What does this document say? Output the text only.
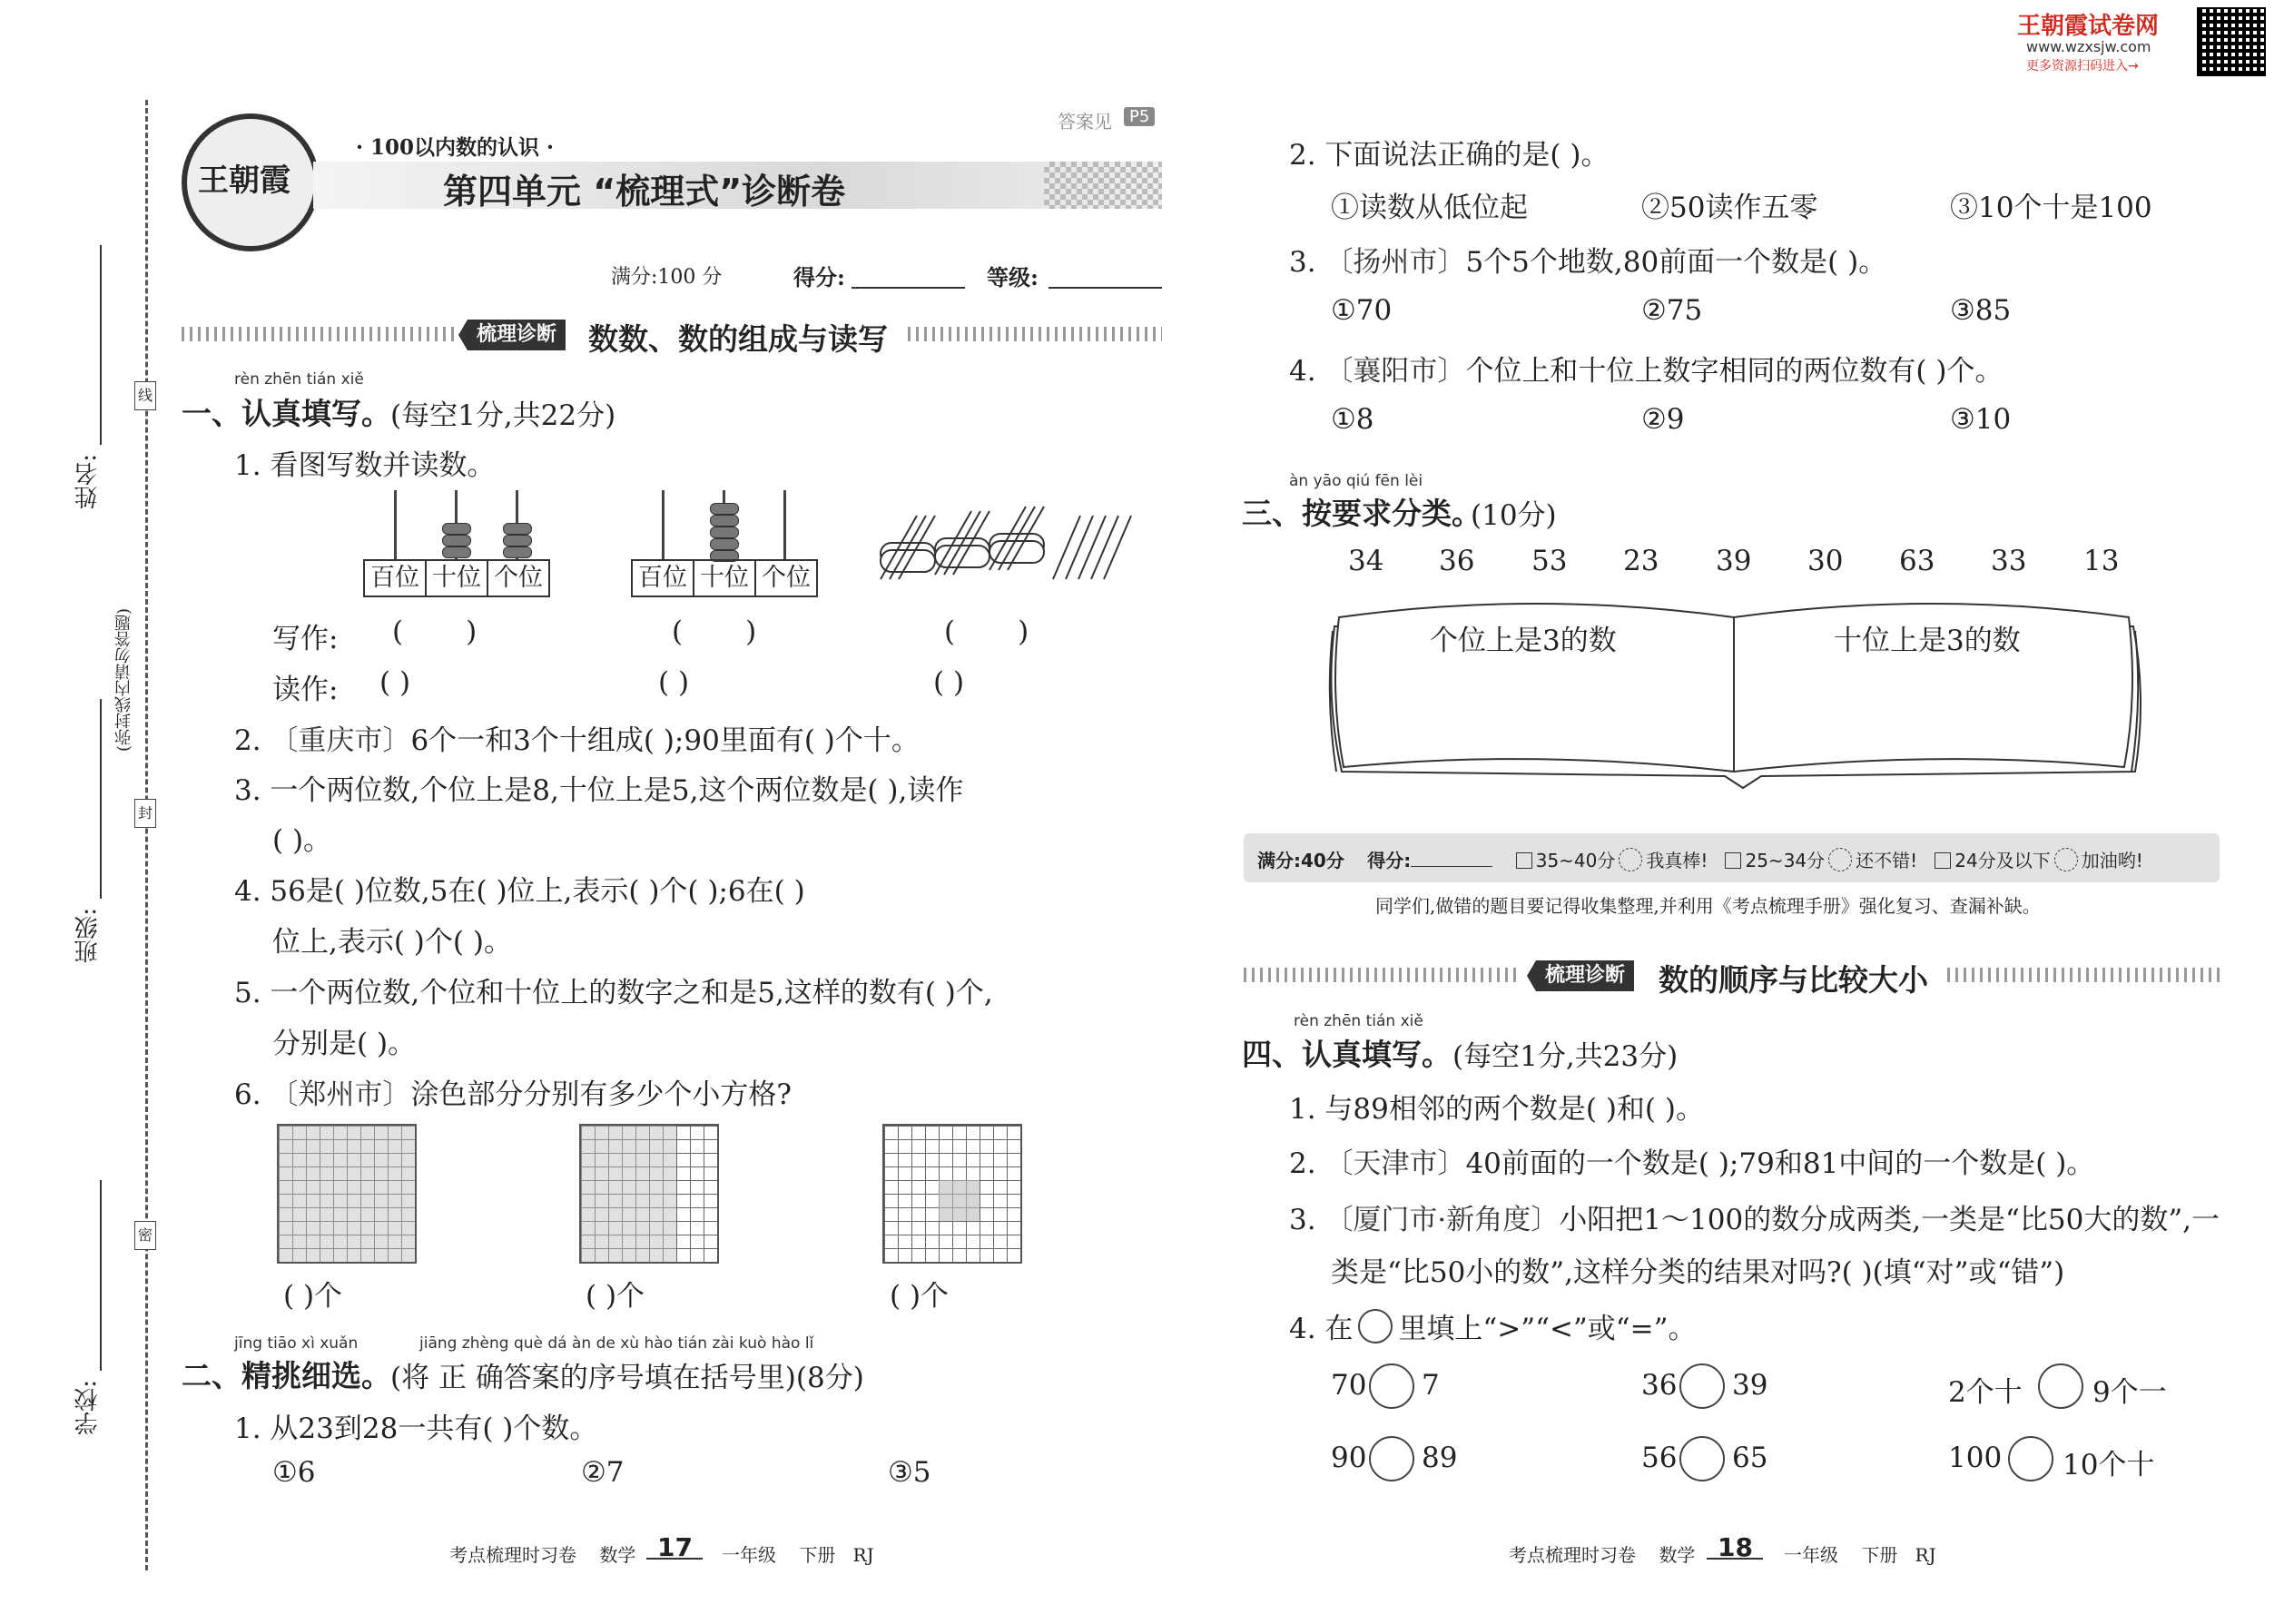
王朝霞试卷网
www.wzxsjw.com
更多资源扫码进入→
姓名:
班级:
学校:
(弥封线内请勿答题)
线
封
密
王朝霞
答案见	P5
· 100以内数的认识 ·
第四单元 “梳理式”诊断卷
满分:100 分	得分:	等级:
梳理诊断	数数、数的组成与读写
rèn zhēn tián xiě
一、认真填写。 (每空1分,共22分)
1. 看图写数并读数。
百位 十位 个位	百位 十位 个位
写作: (       )	(       )	(       )
读作: ( )	( )	( )
2. 〔重庆市〕6个一和3个十组成( );90里面有( )个十。
3. 一个两位数,个位上是8,十位上是5,这个两位数是( ),读作
( )。
4. 56是( )位数,5在( )位上,表示( )个( );6在( )
位上,表示( )个( )。
5. 一个两位数,个位和十位上的数字之和是5,这样的数有( )个,
分别是( )。
6. 〔郑州市〕涂色部分分别有多少个小方格?
( )个	( )个	( )个
jīng tiāo xì xuǎn	jiāng zhèng què dá àn de xù hào tián zài kuò hào lǐ
二、精挑细选。 (将 正 确答案的序号填在括号里)(8分)
1. 从23到28一共有( )个数。
①6	②7	③5
考点梳理时习卷 数学 17 一年级 下册 RJ
2. 下面说法正确的是( )。
①读数从低位起	②50读作五零	③10个十是100
3. 〔扬州市〕5个5个地数,80前面一个数是( )。
①70	②75	③85
4. 〔襄阳市〕个位上和十位上数字相同的两位数有( )个。
①8	②9	③10
àn yāo qiú fēn lèi
三、按要求分类。
(10分)
34 36 53 23 39 30 63 33 13
个位上是3的数	十位上是3的数
满分:40分 得分:	35~40分 我真棒! 25~34分 还不错! 24分及以下 加油哟!
同学们,做错的题目要记得收集整理,并利用《考点梳理手册》强化复习、查漏补缺。
梳理诊断	数的顺序与比较大小
rèn zhēn tián xiě
四、认真填写。 (每空1分,共23分)
1. 与89相邻的两个数是( )和( )。
2. 〔天津市〕40前面的一个数是( );79和81中间的一个数是( )。
3. 〔厦门市·新角度〕小阳把1～100的数分成两类,一类是“比50大的数”,一
类是“比50小的数”,这样分类的结果对吗?( )(填“对”或“错”)
4. 在 里填上“>”“<”或“=”。
70 7	36 39	2个十 9个一
90 89	56 65	100 10个十
考点梳理时习卷 数学 18 一年级 下册 RJ
